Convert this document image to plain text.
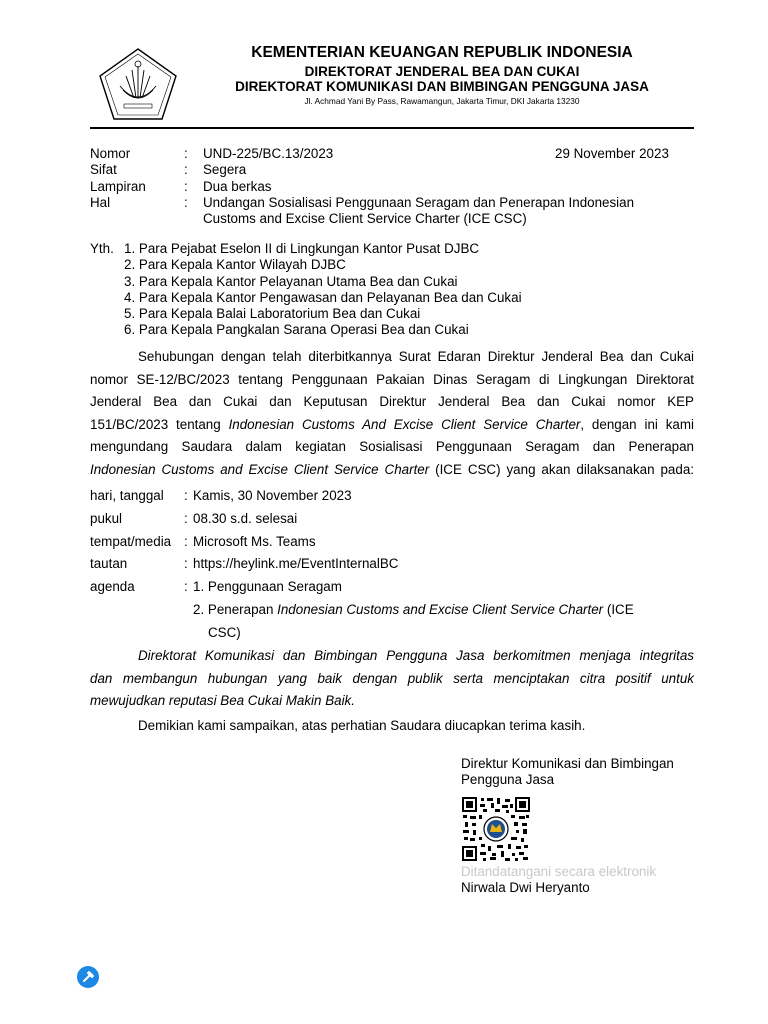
KEMENTERIAN KEUANGAN REPUBLIK INDONESIA
DIREKTORAT JENDERAL BEA DAN CUKAI
DIREKTORAT KOMUNIKASI DAN BIMBINGAN PENGGUNA JASA
Jl. Achmad Yani By Pass, Rawamangun, Jakarta Timur, DKI Jakarta 13230
Nomor	: UND-225/BC.13/2023	29 November 2023
Sifat	: Segera
Lampiran	: Dua berkas
Hal	: Undangan Sosialisasi Penggunaan Seragam dan Penerapan Indonesian
Customs and Excise Client Service Charter (ICE CSC)
Yth. 1. Para Pejabat Eselon II di Lingkungan Kantor Pusat DJBC
2. Para Kepala Kantor Wilayah DJBC
3. Para Kepala Kantor Pelayanan Utama Bea dan Cukai
4. Para Kepala Kantor Pengawasan dan Pelayanan Bea dan Cukai
5. Para Kepala Balai Laboratorium Bea dan Cukai
6. Para Kepala Pangkalan Sarana Operasi Bea dan Cukai
Sehubungan dengan telah diterbitkannya Surat Edaran Direktur Jenderal Bea dan Cukai
nomor SE-12/BC/2023 tentang Penggunaan Pakaian Dinas Seragam di Lingkungan Direktorat
Jenderal Bea dan Cukai dan Keputusan Direktur Jenderal Bea dan Cukai nomor KEP
151/BC/2023 tentang Indonesian Customs And Excise Client Service Charter, dengan ini kami
mengundang Saudara dalam kegiatan Sosialisasi Penggunaan Seragam dan Penerapan
Indonesian Customs and Excise Client Service Charter (ICE CSC) yang akan dilaksanakan pada:
hari, tanggal : Kamis, 30 November 2023
pukul	: 08.30 s.d. selesai
tempat/media : Microsoft Ms. Teams
tautan	: https://heylink.me/EventInternalBC
agenda	: 1. Penggunaan Seragam
2. Penerapan Indonesian Customs and Excise Client Service Charter (ICE
CSC)
Direktorat Komunikasi dan Bimbingan Pengguna Jasa berkomitmen menjaga integritas
dan membangun hubungan yang baik dengan publik serta menciptakan citra positif untuk
mewujudkan reputasi Bea Cukai Makin Baik.
Demikian kami sampaikan, atas perhatian Saudara diucapkan terima kasih.
Direktur Komunikasi dan Bimbingan
Pengguna Jasa
Ditandatangani secara elektronik
Nirwala Dwi Heryanto
